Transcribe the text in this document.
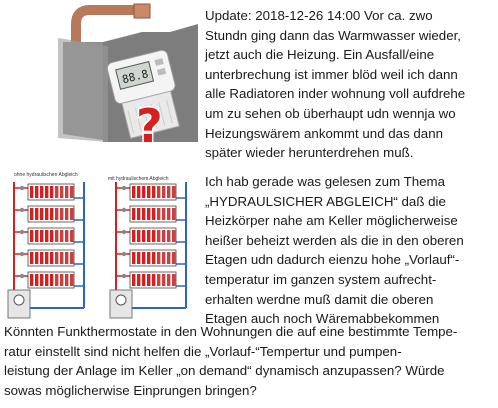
88.8
?
ohne hydraulischen Abgleich
mit hydraulischem Abgleich
Update: 2018-12-26 14:00 Vor ca. zwo
Stundn ging dann das Warmwasser wieder,
jetzt auch die Heizung. Ein Ausfall/eine
unterbrechung ist immer blöd weil ich dann
alle Radiatoren inder wohnung voll aufdrehe
um zu sehen ob überhaupt udn wennja wo
Heizungswärem ankommt und das dann
später wieder herunterdrehen muß.
Ich hab gerade was gelesen zum Thema
„HYDRAULSICHER ABGLEICH“ daß die
Heizkörper nahe am Keller möglicherweise
heißer beheizt werden als die in den oberen
Etagen udn dadurch eienzu hohe „Vorlauf“-
temperatur im ganzen system aufrecht-
erhalten werdne muß damit die oberen
Etagen auch noch Wäremabbekommen
Könnten Funkthermostate in den Wohnungen die auf eine bestimmte Tempe-
ratur einstellt sind nicht helfen die „Vorlauf-“Tempertur und pumpen-
leistung der Anlage im Keller „on demand“ dynamisch anzupassen? Würde
sowas möglicherwise Einprungen bringen?
